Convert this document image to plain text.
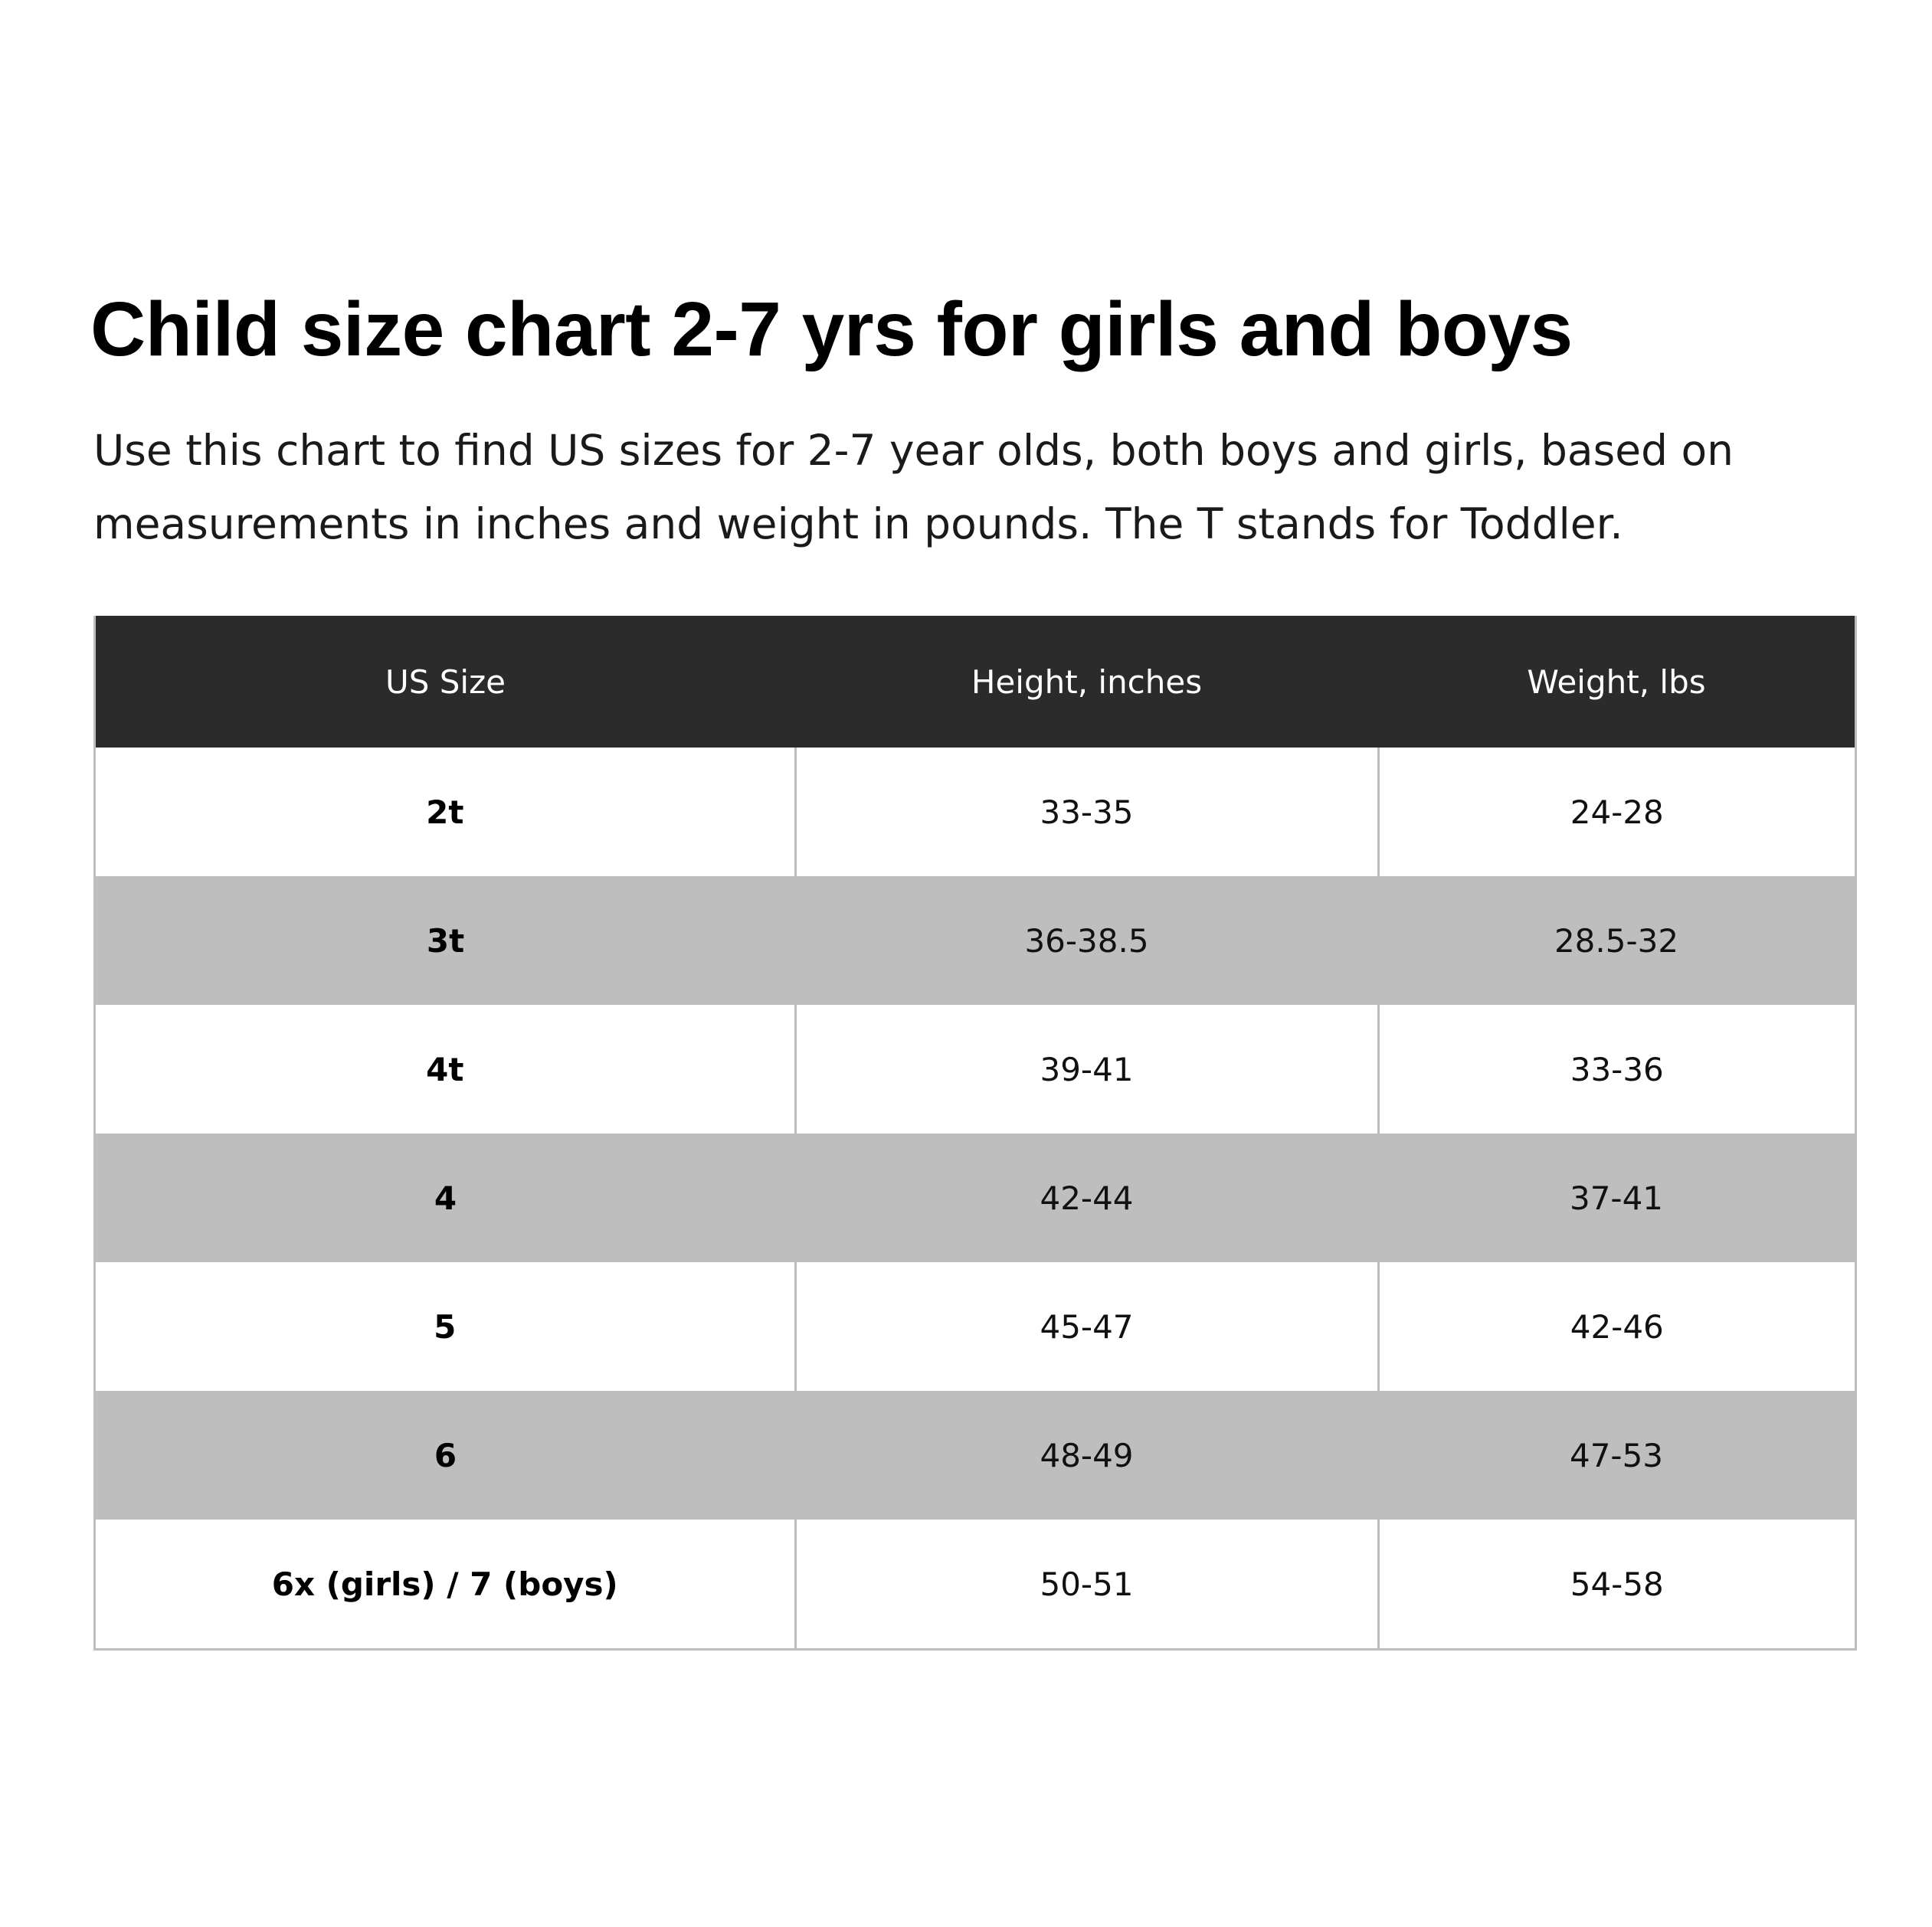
Child size chart 2-7 yrs for girls and boys

Use this chart to find US sizes for 2-7 year olds, both boys and girls, based on measurements in inches and weight in pounds. The T stands for Toddler.

US Size	Height, inches	Weight, lbs
2t	33-35	24-28
3t	36-38.5	28.5-32
4t	39-41	33-36
4	42-44	37-41
5	45-47	42-46
6	48-49	47-53
6x (girls) / 7 (boys)	50-51	54-58
